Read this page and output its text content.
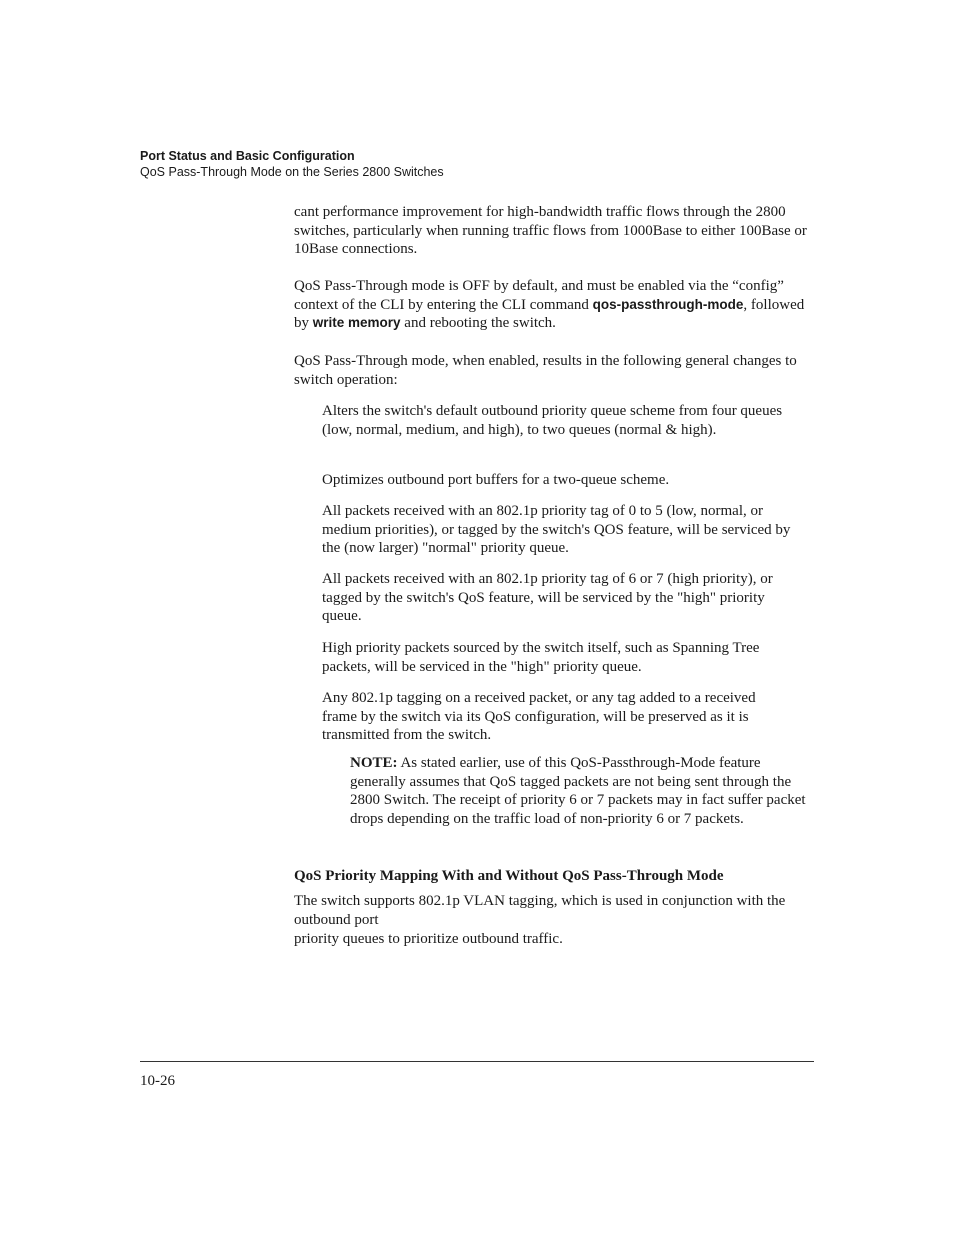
Port Status and Basic Configuration
QoS Pass-Through Mode on the Series 2800 Switches

cant performance improvement for high-bandwidth traffic flows through the 2800 switches, particularly when running traffic flows from 1000Base to either 100Base or 10Base connections.

QoS Pass-Through mode is OFF by default, and must be enabled via the “config” context of the CLI by entering the CLI command qos-passthrough-mode, followed by write memory and rebooting the switch.

QoS Pass-Through mode, when enabled, results in the following general changes to switch operation:

Alters the switch's default outbound priority queue scheme from four queues (low, normal, medium, and high), to two queues (normal & high).

Optimizes outbound port buffers for a two-queue scheme.

All packets received with an 802.1p priority tag of 0 to 5 (low, normal, or medium priorities), or tagged by the switch's QOS feature, will be serviced by the (now larger) "normal" priority queue.

All packets received with an 802.1p priority tag of 6 or 7 (high priority), or tagged by the switch's QoS feature, will be serviced by the "high" priority queue.

High priority packets sourced by the switch itself, such as Spanning Tree packets, will be serviced in the "high" priority queue.

Any 802.1p tagging on a received packet, or any tag added to a received frame by the switch via its QoS configuration, will be preserved as it is transmitted from the switch.

NOTE: As stated earlier, use of this QoS-Passthrough-Mode feature generally assumes that QoS tagged packets are not being sent through the 2800 Switch. The receipt of priority 6 or 7 packets may in fact suffer packet drops depending on the traffic load of non-priority 6 or 7 packets.

QoS Priority Mapping With and Without QoS Pass-Through Mode

The switch supports 802.1p VLAN tagging, which is used in conjunction with the outbound port

priority queues to prioritize outbound traffic.

10-26
